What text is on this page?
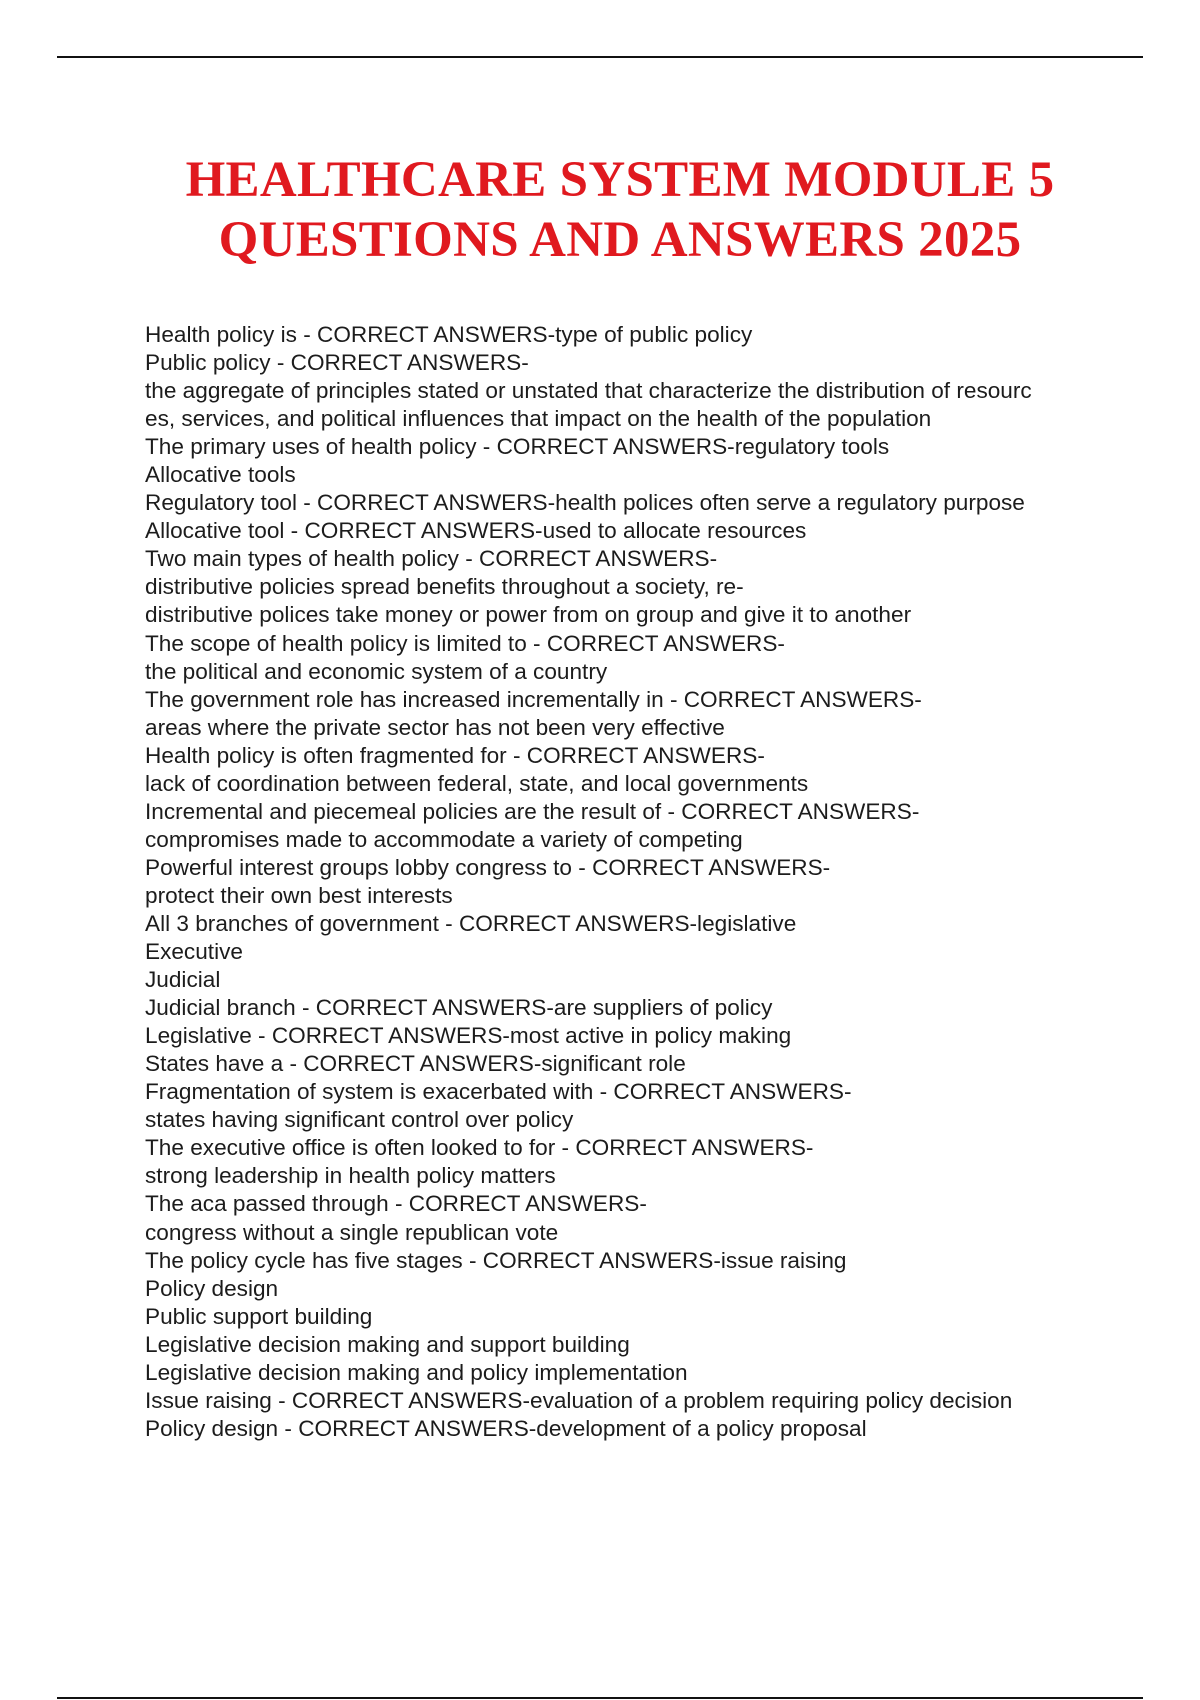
HEALTHCARE SYSTEM MODULE 5
QUESTIONS AND ANSWERS 2025
Health policy is - CORRECT ANSWERS-type of public policy
Public policy - CORRECT ANSWERS-
the aggregate of principles stated or unstated that characterize the distribution of resourc
es, services, and political influences that impact on the health of the population
The primary uses of health policy - CORRECT ANSWERS-regulatory tools
Allocative tools
Regulatory tool - CORRECT ANSWERS-health polices often serve a regulatory purpose
Allocative tool - CORRECT ANSWERS-used to allocate resources
Two main types of health policy - CORRECT ANSWERS-
distributive policies spread benefits throughout a society, re-
distributive polices take money or power from on group and give it to another
The scope of health policy is limited to - CORRECT ANSWERS-
the political and economic system of a country
The government role has increased incrementally in - CORRECT ANSWERS-
areas where the private sector has not been very effective
Health policy is often fragmented for - CORRECT ANSWERS-
lack of coordination between federal, state, and local governments
Incremental and piecemeal policies are the result of - CORRECT ANSWERS-
compromises made to accommodate a variety of competing
Powerful interest groups lobby congress to - CORRECT ANSWERS-
protect their own best interests
All 3 branches of government - CORRECT ANSWERS-legislative
Executive
Judicial
Judicial branch - CORRECT ANSWERS-are suppliers of policy
Legislative - CORRECT ANSWERS-most active in policy making
States have a - CORRECT ANSWERS-significant role
Fragmentation of system is exacerbated with - CORRECT ANSWERS-
states having significant control over policy
The executive office is often looked to for - CORRECT ANSWERS-
strong leadership in health policy matters
The aca passed through - CORRECT ANSWERS-
congress without a single republican vote
The policy cycle has five stages - CORRECT ANSWERS-issue raising
Policy design
Public support building
Legislative decision making and support building
Legislative decision making and policy implementation
Issue raising - CORRECT ANSWERS-evaluation of a problem requiring policy decision
Policy design - CORRECT ANSWERS-development of a policy proposal
